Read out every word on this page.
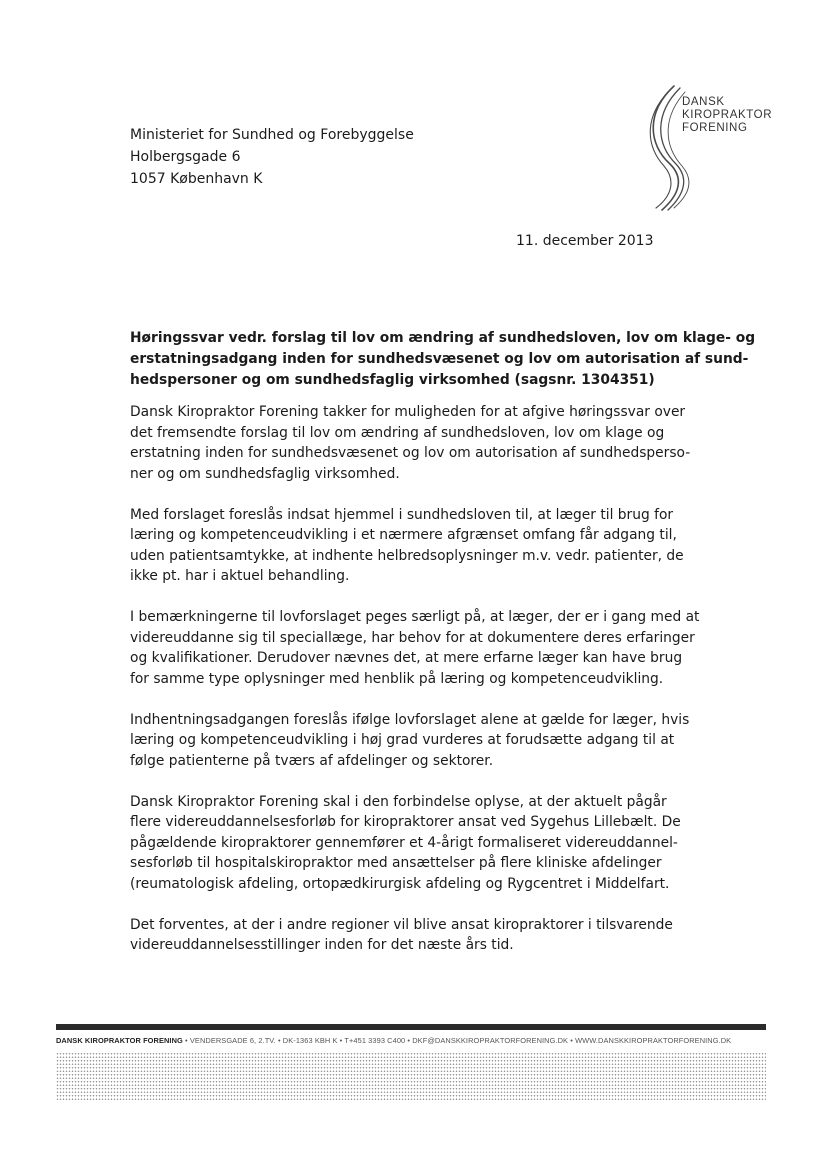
DANSK
KIROPRAKTOR
FORENING
Ministeriet for Sundhed og Forebyggelse
Holbergsgade 6
1057 København K
11. december 2013
Høringssvar vedr. forslag til lov om ændring af sundhedsloven, lov om klage- og
erstatningsadgang inden for sundhedsvæsenet og lov om autorisation af sund-
hedspersoner og om sundhedsfaglig virksomhed (sagsnr. 1304351)
Dansk Kiropraktor Forening takker for muligheden for at afgive høringssvar over
det fremsendte forslag til lov om ændring af sundhedsloven, lov om klage og
erstatning inden for sundhedsvæsenet og lov om autorisation af sundhedsperso-
ner og om sundhedsfaglig virksomhed.
Med forslaget foreslås indsat hjemmel i sundhedsloven til, at læger til brug for
læring og kompetenceudvikling i et nærmere afgrænset omfang får adgang til,
uden patientsamtykke, at indhente helbredsoplysninger m.v. vedr. patienter, de
ikke pt. har i aktuel behandling.
I bemærkningerne til lovforslaget peges særligt på, at læger, der er i gang med at
videreuddanne sig til speciallæge, har behov for at dokumentere deres erfaringer
og kvalifikationer. Derudover nævnes det, at mere erfarne læger kan have brug
for samme type oplysninger med henblik på læring og kompetenceudvikling.
Indhentningsadgangen foreslås ifølge lovforslaget alene at gælde for læger, hvis
læring og kompetenceudvikling i høj grad vurderes at forudsætte adgang til at
følge patienterne på tværs af afdelinger og sektorer.
Dansk Kiropraktor Forening skal i den forbindelse oplyse, at der aktuelt pågår
flere videreuddannelsesforløb for kiropraktorer ansat ved Sygehus Lillebælt. De
pågældende kiropraktorer gennemfører et 4-årigt formaliseret videreuddannel-
sesforløb til hospitalskiropraktor med ansættelser på flere kliniske afdelinger
(reumatologisk afdeling, ortopædkirurgisk afdeling og Rygcentret i Middelfart.
Det forventes, at der i andre regioner vil blive ansat kiropraktorer i tilsvarende
videreuddannelsesstillinger inden for det næste års tid.
DANSK KIROPRAKTOR FORENING • VENDERSGADE 6, 2.TV. • DK-1363 KBH K • T+451 3393 C400 • DKF@DANSKKIROPRAKTORFORENING.DK • WWW.DANSKKIROPRAKTORFORENING.DK
